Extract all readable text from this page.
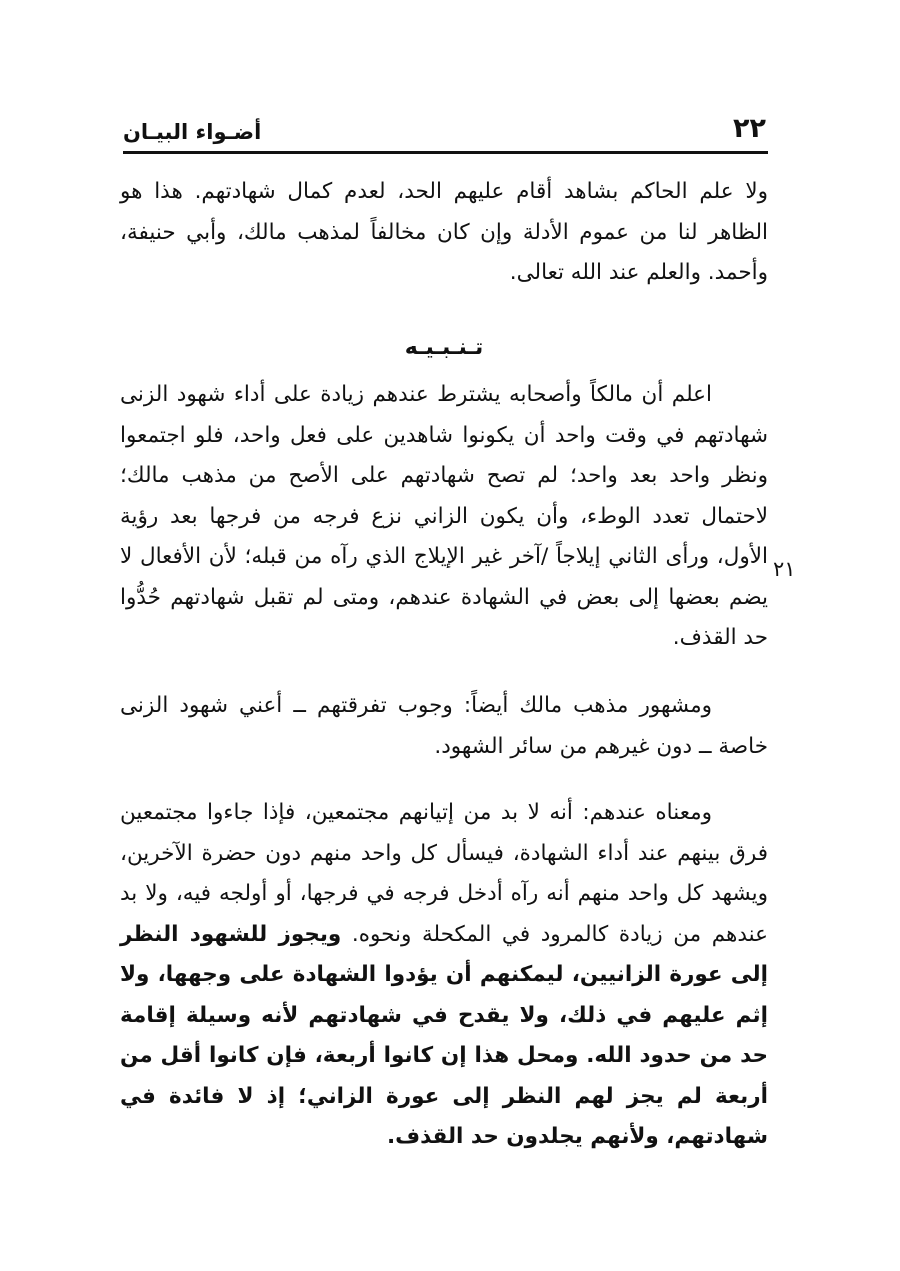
٢٢
أضـواء البيـان

ولا علم الحاكم بشاهد أقام عليهم الحد، لعدم كمال شهادتهم. هذا هو الظاهر لنا من عموم الأدلة وإن كان مخالفاً لمذهب مالك، وأبي حنيفة، وأحمد. والعلم عند الله تعالى.

تـنـبـيـه

اعلم أن مالكاً وأصحابه يشترط عندهم زيادة على أداء شهود الزنى شهادتهم في وقت واحد أن يكونوا شاهدين على فعل واحد، فلو اجتمعوا ونظر واحد بعد واحد؛ لم تصح شهادتهم على الأصح من مذهب مالك؛ لاحتمال تعدد الوطء، وأن يكون الزاني نزع فرجه من فرجها بعد رؤية الأول، ورأى الثاني إيلاجاً /آخر غير الإيلاج الذي رآه من قبله؛ لأن الأفعال لا يضم بعضها إلى بعض في الشهادة عندهم، ومتى لم تقبل شهادتهم حُدُّوا حد القذف.

٢١

ومشهور مذهب مالك أيضاً: وجوب تفرقتهم ــ أعني شهود الزنى خاصة ــ دون غيرهم من سائر الشهود.

ومعناه عندهم: أنه لا بد من إتيانهم مجتمعين، فإذا جاءوا مجتمعين فرق بينهم عند أداء الشهادة، فيسأل كل واحد منهم دون حضرة الآخرين، ويشهد كل واحد منهم أنه رآه أدخل فرجه في فرجها، أو أولجه فيه، ولا بد عندهم من زيادة كالمرود في المكحلة ونحوه. ويجوز للشهود النظر إلى عورة الزانيين، ليمكنهم أن يؤدوا الشهادة على وجهها، ولا إثم عليهم في ذلك، ولا يقدح في شهادتهم لأنه وسيلة إقامة حد من حدود الله. ومحل هذا إن كانوا أربعة، فإن كانوا أقل من أربعة لم يجز لهم النظر إلى عورة الزاني؛ إذ لا فائدة في شهادتهم، ولأنهم يجلدون حد القذف.
